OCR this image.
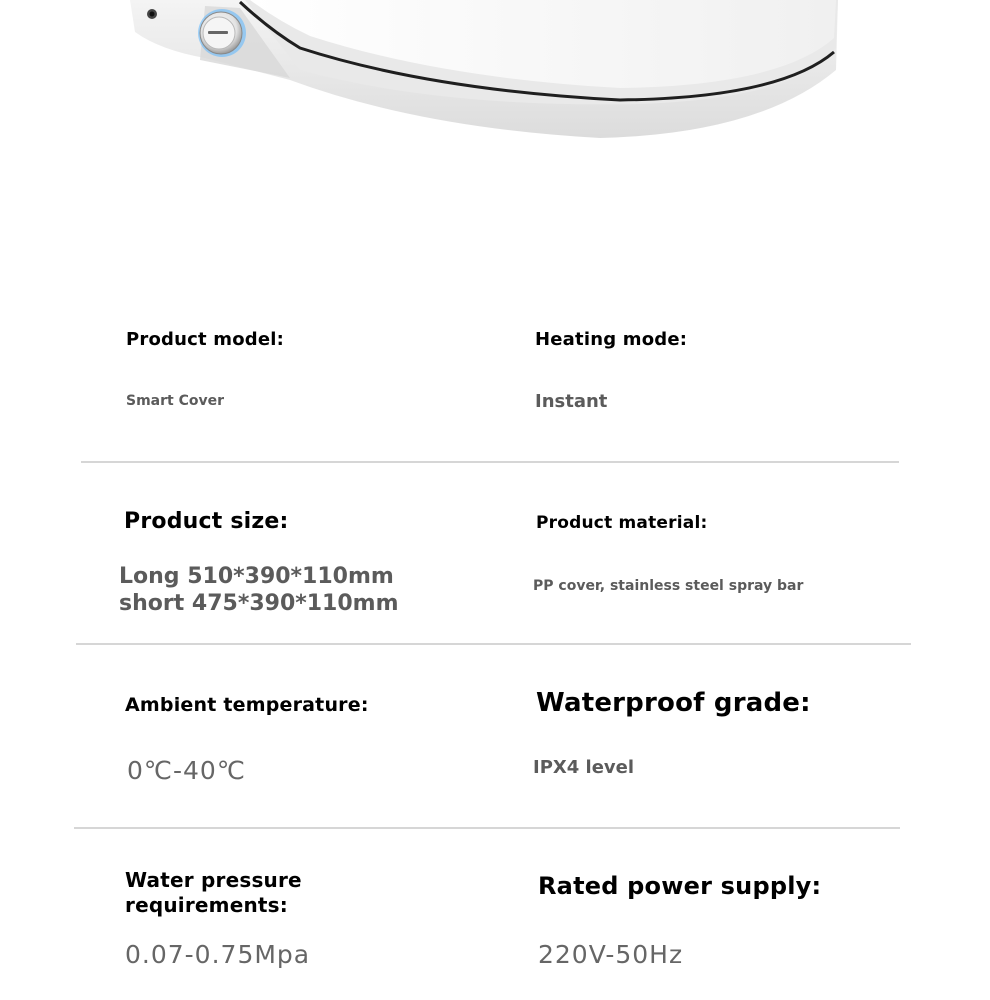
Product model:
Smart Cover
Heating mode:
Instant
Product size:
Long 510*390*110mm
short 475*390*110mm
Product material:
PP cover, stainless steel spray bar
Ambient temperature:
0℃-40℃
Waterproof grade:
IPX4 level
Water pressure
requirements:
0.07-0.75Mpa
Rated power supply:
220V-50Hz
